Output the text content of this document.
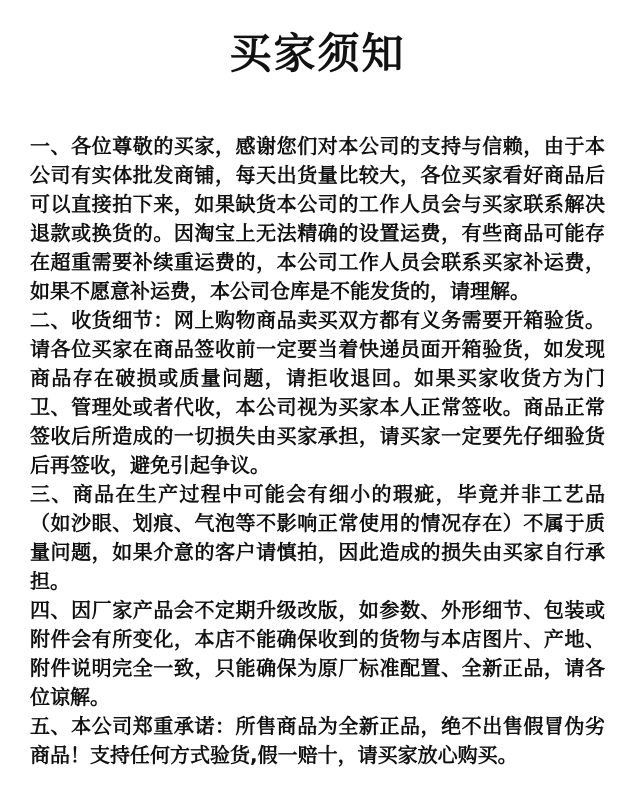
买家须知

一、各位尊敬的买家，感谢您们对本公司的支持与信赖，由于本公司有实体批发商铺，每天出货量比较大，各位买家看好商品后可以直接拍下来，如果缺货本公司的工作人员会与买家联系解决退款或换货的。因淘宝上无法精确的设置运费，有些商品可能存在超重需要补续重运费的，本公司工作人员会联系买家补运费，如果不愿意补运费，本公司仓库是不能发货的，请理解。

二、收货细节：网上购物商品卖买双方都有义务需要开箱验货。请各位买家在商品签收前一定要当着快递员面开箱验货，如发现商品存在破损或质量问题，请拒收退回。如果买家收货方为门卫、管理处或者代收，本公司视为买家本人正常签收。商品正常签收后所造成的一切损失由买家承担，请买家一定要先仔细验货后再签收，避免引起争议。

三、商品在生产过程中可能会有细小的瑕疵，毕竟并非工艺品（如沙眼、划痕、气泡等不影响正常使用的情况存在）不属于质量问题，如果介意的客户请慎拍，因此造成的损失由买家自行承担。

四、因厂家产品会不定期升级改版，如参数、外形细节、包装或附件会有所变化，本店不能确保收到的货物与本店图片、产地、附件说明完全一致，只能确保为原厂标准配置、全新正品，请各位谅解。

五、本公司郑重承诺：所售商品为全新正品，绝不出售假冒伪劣商品！支持任何方式验货,假一赔十，请买家放心购买。
